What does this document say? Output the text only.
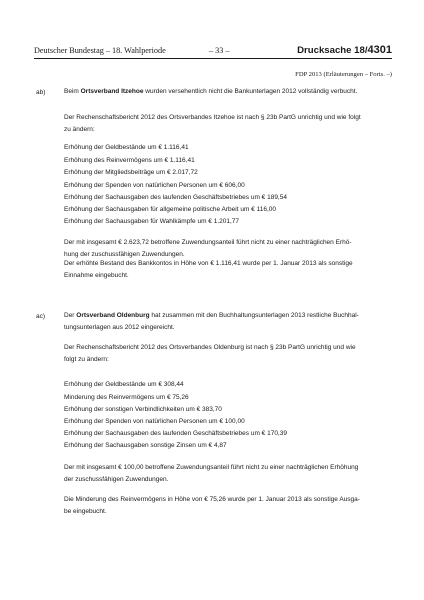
Deutscher Bundestag – 18. Wahlperiode	– 33 –	Drucksache 18/4301
FDP 2013 (Erläuterungen – Forts. –)
ab)	Beim Ortsverband Itzehoe wurden versehentlich nicht die Bankunterlagen 2012 vollständig verbucht.
Der Rechenschaftsbericht 2012 des Ortsverbandes Itzehoe ist nach § 23b PartG unrichtig und wie folgt
zu ändern:
Erhöhung der Geldbestände um € 1.116,41
Erhöhung des Reinvermögens um € 1.116,41
Erhöhung der Mitgliedsbeiträge um € 2.017,72
Erhöhung der Spenden von natürlichen Personen um € 606,00
Erhöhung der Sachausgaben des laufenden Geschäftsbetriebes um € 189,54
Erhöhung der Sachausgaben für allgemeine politische Arbeit um € 116,00
Erhöhung der Sachausgaben für Wahlkämpfe um € 1.201,77
Der mit insgesamt € 2.623,72 betroffene Zuwendungsanteil führt nicht zu einer nachträglichen Erhö-
hung der zuschussfähigen Zuwendungen.
Der erhöhte Bestand des Bankkontos in Höhe von € 1.116,41 wurde per 1. Januar 2013 als sonstige
Einnahme eingebucht.
ac)	Der Ortsverband Oldenburg hat zusammen mit den Buchhaltungsunterlagen 2013 restliche Buchhal-
tungsunterlagen aus 2012 eingereicht.
Der Rechenschaftsbericht 2012 des Ortsverbandes Oldenburg ist nach § 23b PartG unrichtig und wie
folgt zu ändern:
Erhöhung der Geldbestände um € 308,44
Minderung des Reinvermögens um € 75,26
Erhöhung der sonstigen Verbindlichkeiten um € 383,70
Erhöhung der Spenden von natürlichen Personen um € 100,00
Erhöhung der Sachausgaben des laufenden Geschäftsbetriebes um € 170,39
Erhöhung der Sachausgaben sonstige Zinsen um € 4,87
Der mit insgesamt € 100,00 betroffene Zuwendungsanteil führt nicht zu einer nachträglichen Erhöhung
der zuschussfähigen Zuwendungen.
Die Minderung des Reinvermögens in Höhe von € 75,26 wurde per 1. Januar 2013 als sonstige Ausga-
be eingebucht.
